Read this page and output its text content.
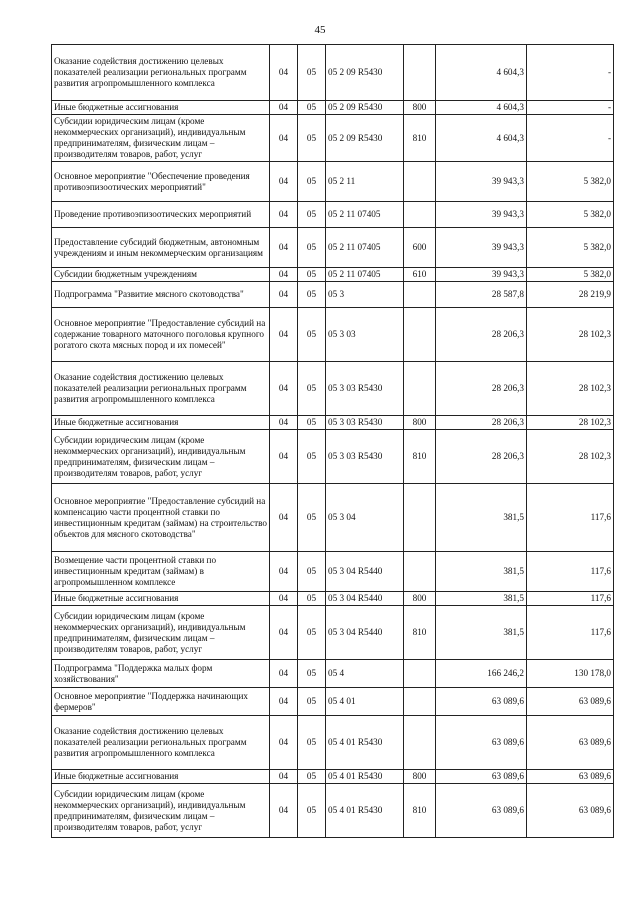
45
Оказание содействия достижению целевых показателей реализации региональных программ развития агропромышленного комплекса	04	05	05 2 09 R5430		4 604,3	-
Иные бюджетные ассигнования	04	05	05 2 09 R5430	800	4 604,3	-
Субсидии юридическим лицам (кроме некоммерческих организаций), индивидуальным предпринимателям, физическим лицам – производителям товаров, работ, услуг	04	05	05 2 09 R5430	810	4 604,3	-
Основное мероприятие "Обеспечение проведения противоэпизоотических мероприятий"	04	05	05 2 11		39 943,3	5 382,0
Проведение противоэпизоотических мероприятий	04	05	05 2 11 07405		39 943,3	5 382,0
Предоставление субсидий бюджетным, автономным учреждениям и иным некоммерческим организациям	04	05	05 2 11 07405	600	39 943,3	5 382,0
Субсидии бюджетным учреждениям	04	05	05 2 11 07405	610	39 943,3	5 382,0
Подпрограмма "Развитие мясного скотоводства"	04	05	05 3		28 587,8	28 219,9
Основное мероприятие "Предоставление субсидий на содержание товарного маточного поголовья крупного рогатого скота мясных пород и их помесей"	04	05	05 3 03		28 206,3	28 102,3
Оказание содействия достижению целевых показателей реализации региональных программ развития агропромышленного комплекса	04	05	05 3 03 R5430		28 206,3	28 102,3
Иные бюджетные ассигнования	04	05	05 3 03 R5430	800	28 206,3	28 102,3
Субсидии юридическим лицам (кроме некоммерческих организаций), индивидуальным предпринимателям, физическим лицам – производителям товаров, работ, услуг	04	05	05 3 03 R5430	810	28 206,3	28 102,3
Основное мероприятие "Предоставление субсидий на компенсацию части процентной ставки по инвестиционным кредитам (займам) на строительство объектов для мясного скотоводства"	04	05	05 3 04		381,5	117,6
Возмещение части процентной ставки по инвестиционным кредитам (займам) в агропромышленном комплексе	04	05	05 3 04 R5440		381,5	117,6
Иные бюджетные ассигнования	04	05	05 3 04 R5440	800	381,5	117,6
Субсидии юридическим лицам (кроме некоммерческих организаций), индивидуальным предпринимателям, физическим лицам – производителям товаров, работ, услуг	04	05	05 3 04 R5440	810	381,5	117,6
Подпрограмма "Поддержка малых форм хозяйствования"	04	05	05 4		166 246,2	130 178,0
Основное мероприятие "Поддержка начинающих фермеров"	04	05	05 4 01		63 089,6	63 089,6
Оказание содействия достижению целевых показателей реализации региональных программ развития агропромышленного комплекса	04	05	05 4 01 R5430		63 089,6	63 089,6
Иные бюджетные ассигнования	04	05	05 4 01 R5430	800	63 089,6	63 089,6
Субсидии юридическим лицам (кроме некоммерческих организаций), индивидуальным предпринимателям, физическим лицам – производителям товаров, работ, услуг	04	05	05 4 01 R5430	810	63 089,6	63 089,6
